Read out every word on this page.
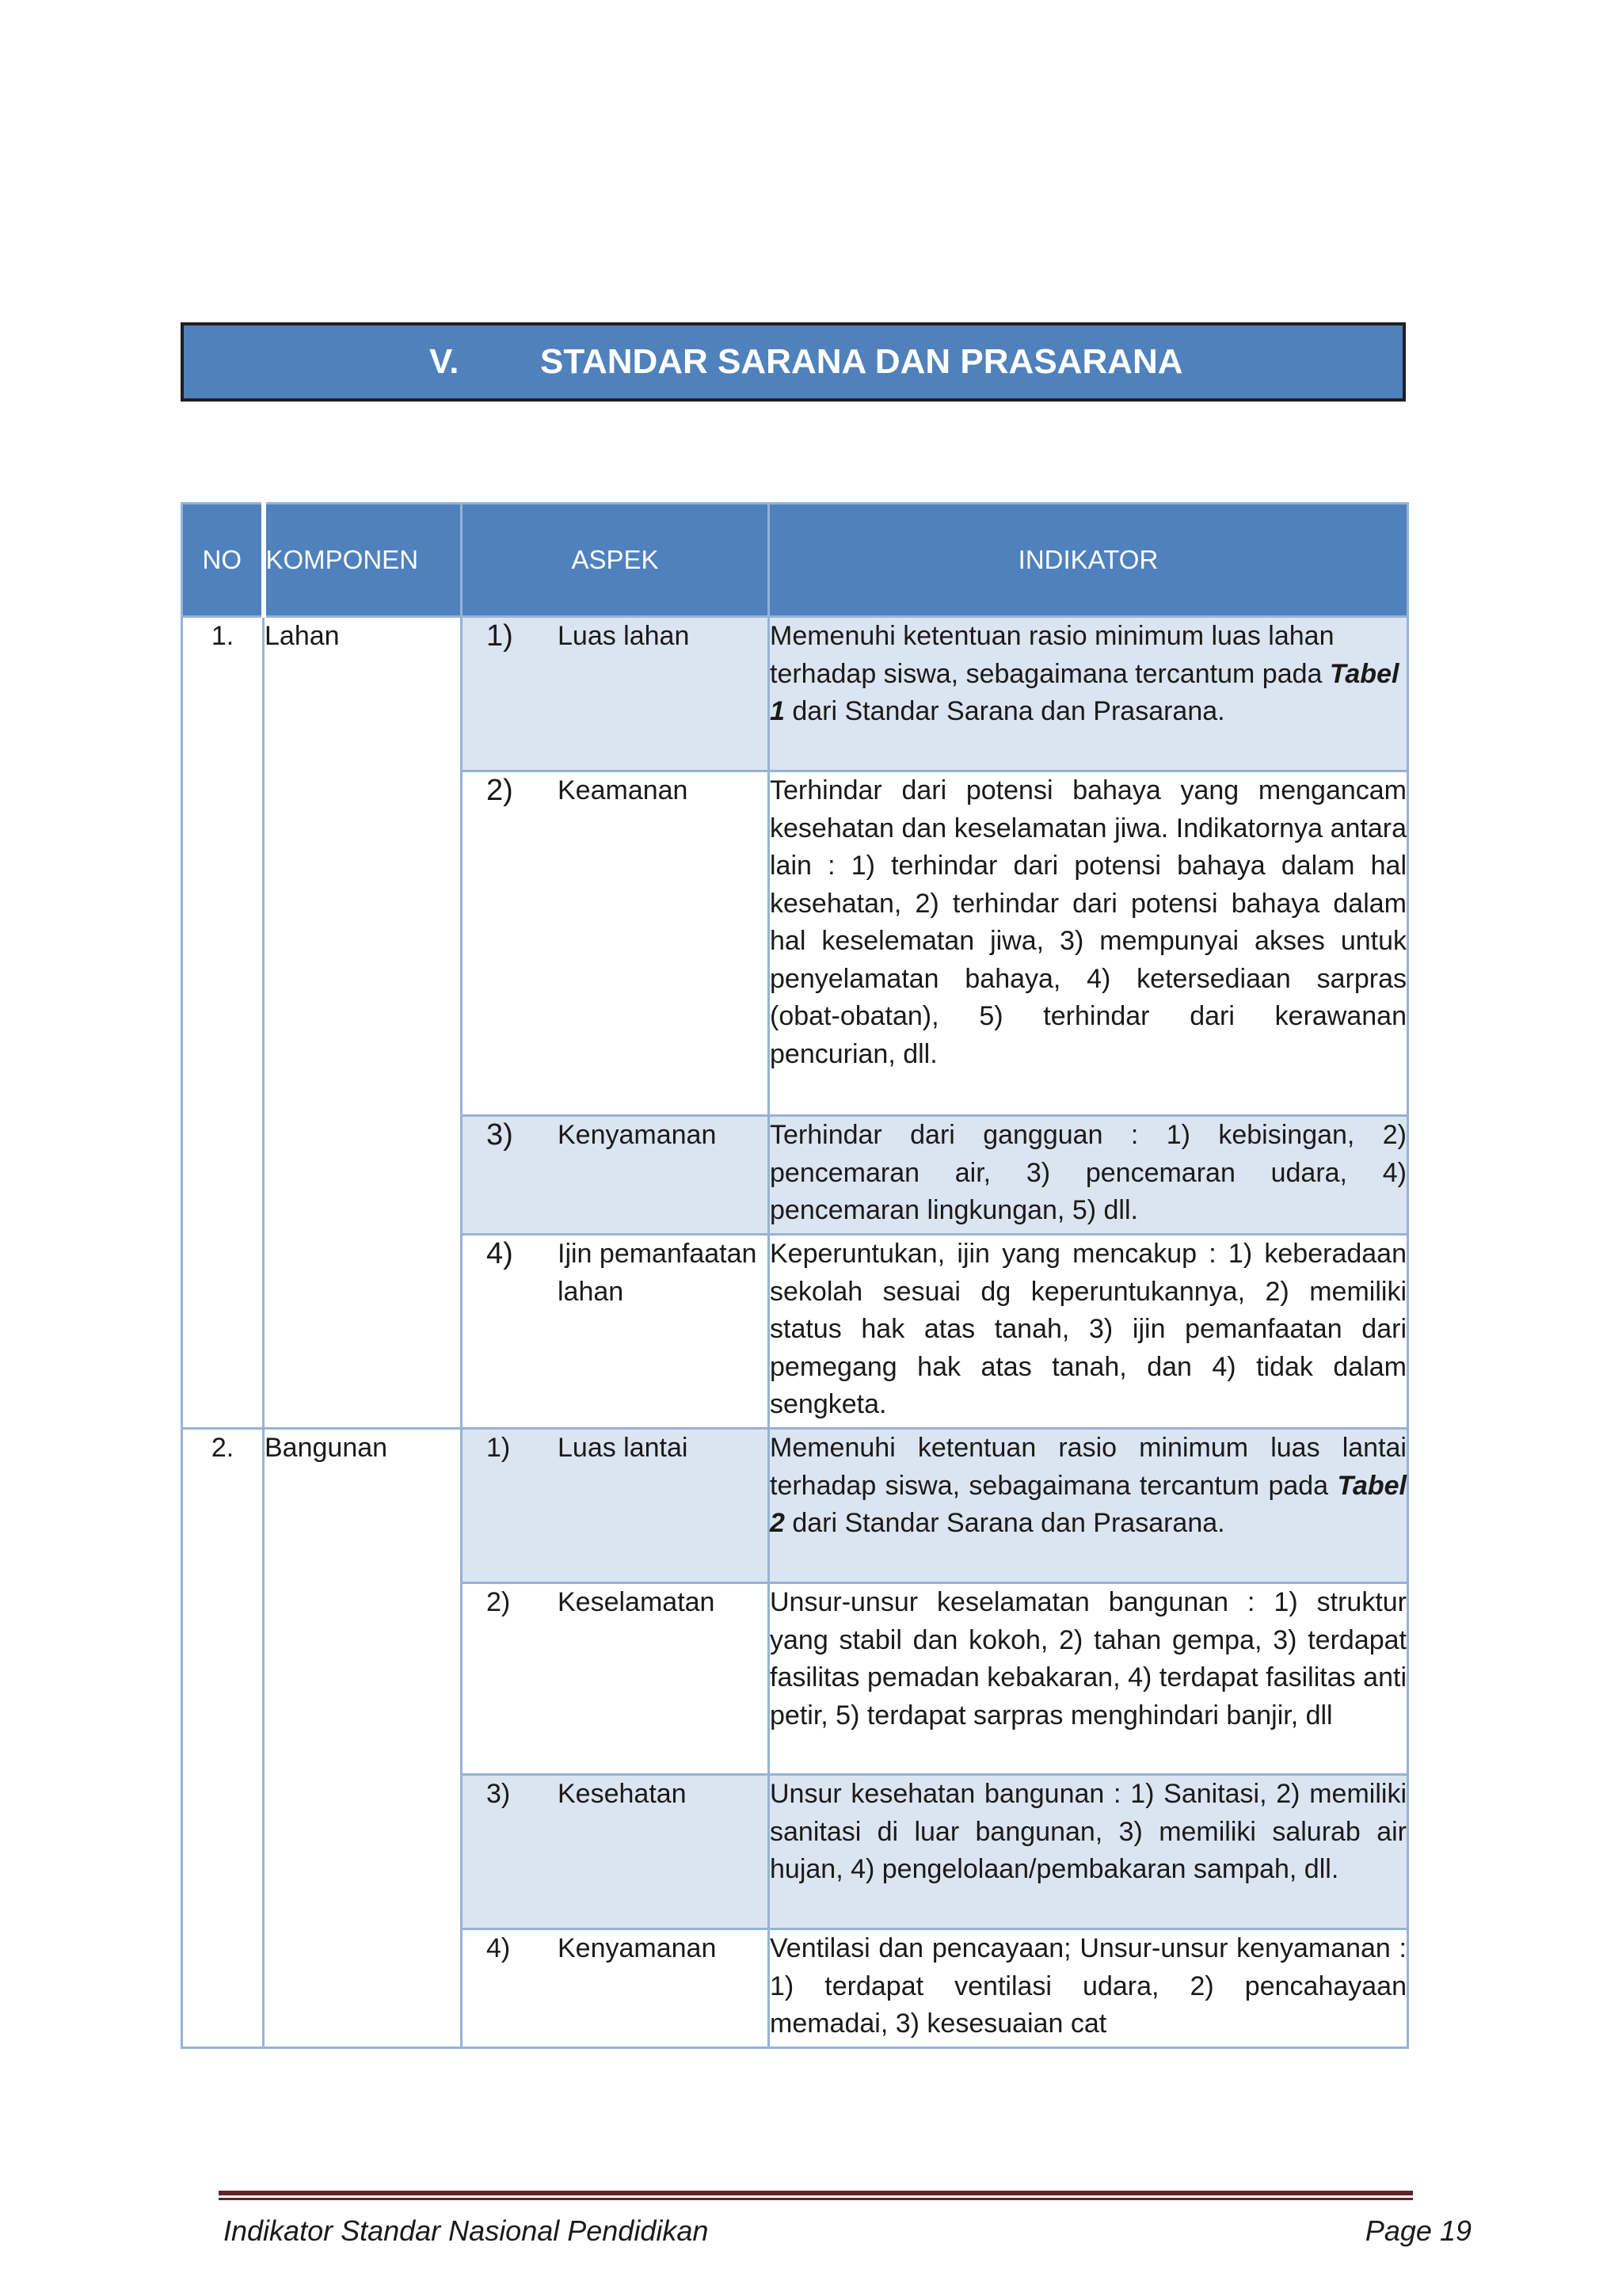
V. STANDAR SARANA DAN PRASARANA
NO	KOMPONEN	ASPEK	INDIKATOR
1.	Lahan	1) Luas lahan	Memenuhi ketentuan rasio minimum luas lahan terhadap siswa, sebagaimana tercantum pada Tabel 1 dari Standar Sarana dan Prasarana.

		2) Keamanan	Terhindar dari potensi bahaya yang mengancam kesehatan dan keselamatan jiwa. Indikatornya antara lain : 1) terhindar dari potensi bahaya dalam hal kesehatan, 2) terhindar dari potensi bahaya dalam hal keselematan jiwa, 3) mempunyai akses untuk penyelamatan bahaya, 4) ketersediaan sarpras (obat-obatan), 5) terhindar dari kerawanan pencurian, dll.

		3) Kenyamanan	Terhindar dari gangguan : 1) kebisingan, 2) pencemaran air, 3) pencemaran udara, 4) pencemaran lingkungan, 5) dll.

		4) Ijin pemanfaatan lahan	Keperuntukan, ijin yang mencakup : 1) keberadaan sekolah sesuai dg keperuntukannya, 2) memiliki status hak atas tanah, 3) ijin pemanfaatan dari pemegang hak atas tanah, dan 4) tidak dalam sengketa.
2.	Bangunan	1) Luas lantai	Memenuhi ketentuan rasio minimum luas lantai terhadap siswa, sebagaimana tercantum pada Tabel 2 dari Standar Sarana dan Prasarana.

		2) Keselamatan	Unsur-unsur keselamatan bangunan : 1) struktur yang stabil dan kokoh, 2) tahan gempa, 3) terdapat fasilitas pemadan kebakaran, 4) terdapat fasilitas anti petir, 5) terdapat sarpras menghindari banjir, dll

		3) Kesehatan	Unsur kesehatan bangunan : 1) Sanitasi, 2) memiliki sanitasi di luar bangunan, 3) memiliki salurab air hujan, 4) pengelolaan/pembakaran sampah, dll.

		4) Kenyamanan	Ventilasi dan pencayaan; Unsur-unsur kenyamanan : 1) terdapat ventilasi udara, 2) pencahayaan memadai, 3) kesesuaian cat
Indikator Standar Nasional Pendidikan	Page 19
